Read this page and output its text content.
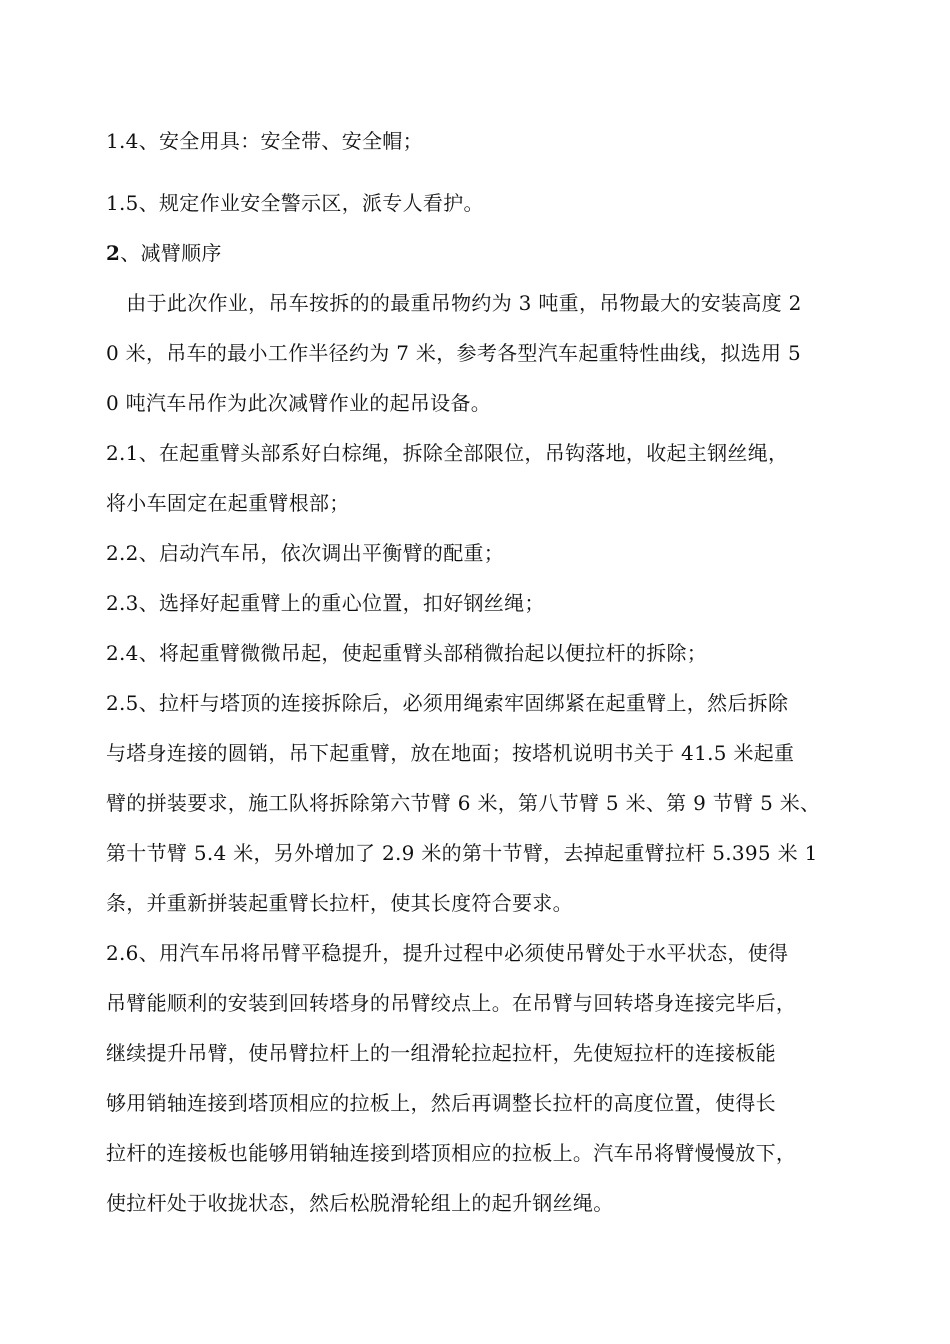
1.4、安全用具：安全带、安全帽；
1.5、规定作业安全警示区，派专人看护。
2、减臂顺序
　由于此次作业，吊车按拆的的最重吊物约为 3 吨重，吊物最大的安装高度 2
0 米，吊车的最小工作半径约为 7 米，参考各型汽车起重特性曲线，拟选用 5
0 吨汽车吊作为此次减臂作业的起吊设备。
2.1、在起重臂头部系好白棕绳，拆除全部限位，吊钩落地，收起主钢丝绳，
将小车固定在起重臂根部；
2.2、启动汽车吊，依次调出平衡臂的配重；
2.3、选择好起重臂上的重心位置，扣好钢丝绳；
2.4、将起重臂微微吊起，使起重臂头部稍微抬起以便拉杆的拆除；
2.5、拉杆与塔顶的连接拆除后，必须用绳索牢固绑紧在起重臂上，然后拆除
与塔身连接的圆销，吊下起重臂，放在地面；按塔机说明书关于 41.5 米起重
臂的拼装要求，施工队将拆除第六节臂 6 米，第八节臂 5 米、第 9 节臂 5 米、
第十节臂 5.4 米，另外增加了 2.9 米的第十节臂，去掉起重臂拉杆 5.395 米 1
条，并重新拼装起重臂长拉杆，使其长度符合要求。
2.6、用汽车吊将吊臂平稳提升，提升过程中必须使吊臂处于水平状态，使得
吊臂能顺利的安装到回转塔身的吊臂绞点上。在吊臂与回转塔身连接完毕后，
继续提升吊臂，使吊臂拉杆上的一组滑轮拉起拉杆，先使短拉杆的连接板能
够用销轴连接到塔顶相应的拉板上，然后再调整长拉杆的高度位置，使得长
拉杆的连接板也能够用销轴连接到塔顶相应的拉板上。汽车吊将臂慢慢放下，
使拉杆处于收拢状态，然后松脱滑轮组上的起升钢丝绳。
